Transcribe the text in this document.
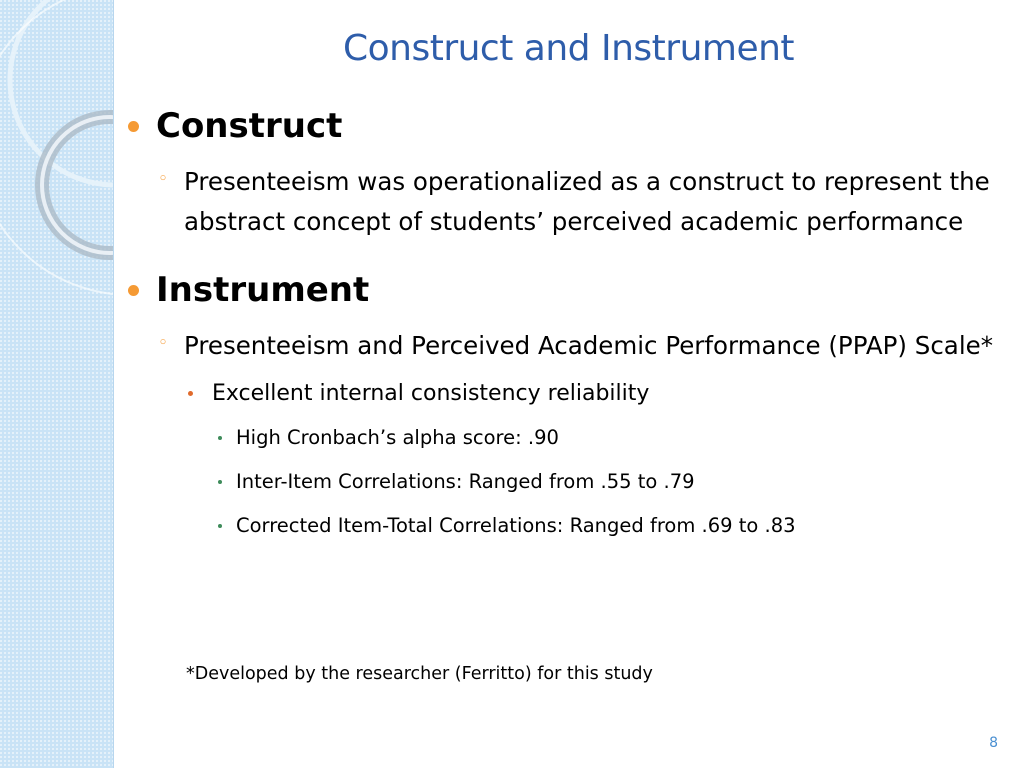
Construct and Instrument
Construct
◦ Presenteeism was operationalized as a construct to represent the abstract concept of students’ perceived academic performance
Instrument
◦ Presenteeism and Perceived Academic Performance (PPAP) Scale*
Excellent internal consistency reliability
High Cronbach’s alpha score: .90
Inter-Item Correlations: Ranged from .55 to .79
Corrected Item-Total Correlations: Ranged from .69 to .83
*Developed by the researcher (Ferritto) for this study
8
